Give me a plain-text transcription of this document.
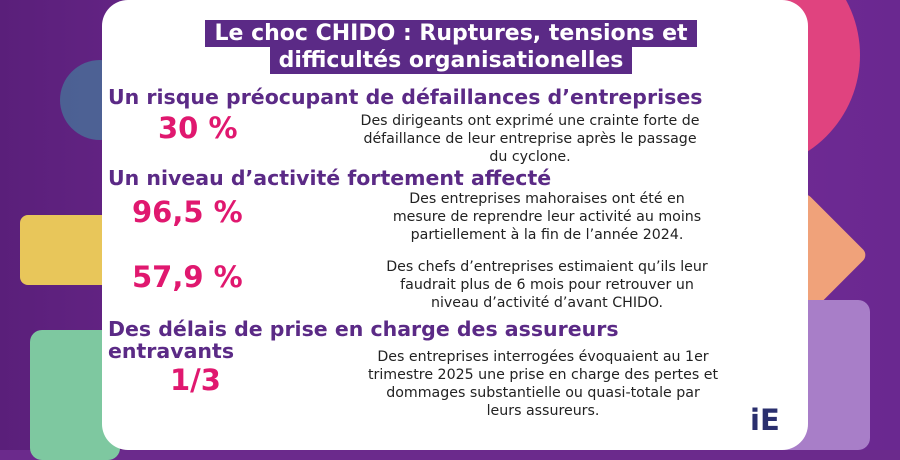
Le choc CHIDO : Ruptures, tensions et
difficultés organisationelles
Un risque préocupant de défaillances d’entreprises
30 %	Des dirigeants ont exprimé une crainte forte de
défaillance de leur entreprise après le passage
du cyclone.
Un niveau d’activité fortement affecté
96,5 %	Des entreprises mahoraises ont été en
mesure de reprendre leur activité au moins
partiellement à la fin de l’année 2024.
57,9 %	Des chefs d’entreprises estimaient qu’ils leur
faudrait plus de 6 mois pour retrouver un
niveau d’activité d’avant CHIDO.
Des délais de prise en charge des assureurs
entravants
1/3
Des entreprises interrogées évoquaient au 1er
trimestre 2025 une prise en charge des pertes et
dommages substantielle ou quasi-totale par
leurs assureurs.	iE
